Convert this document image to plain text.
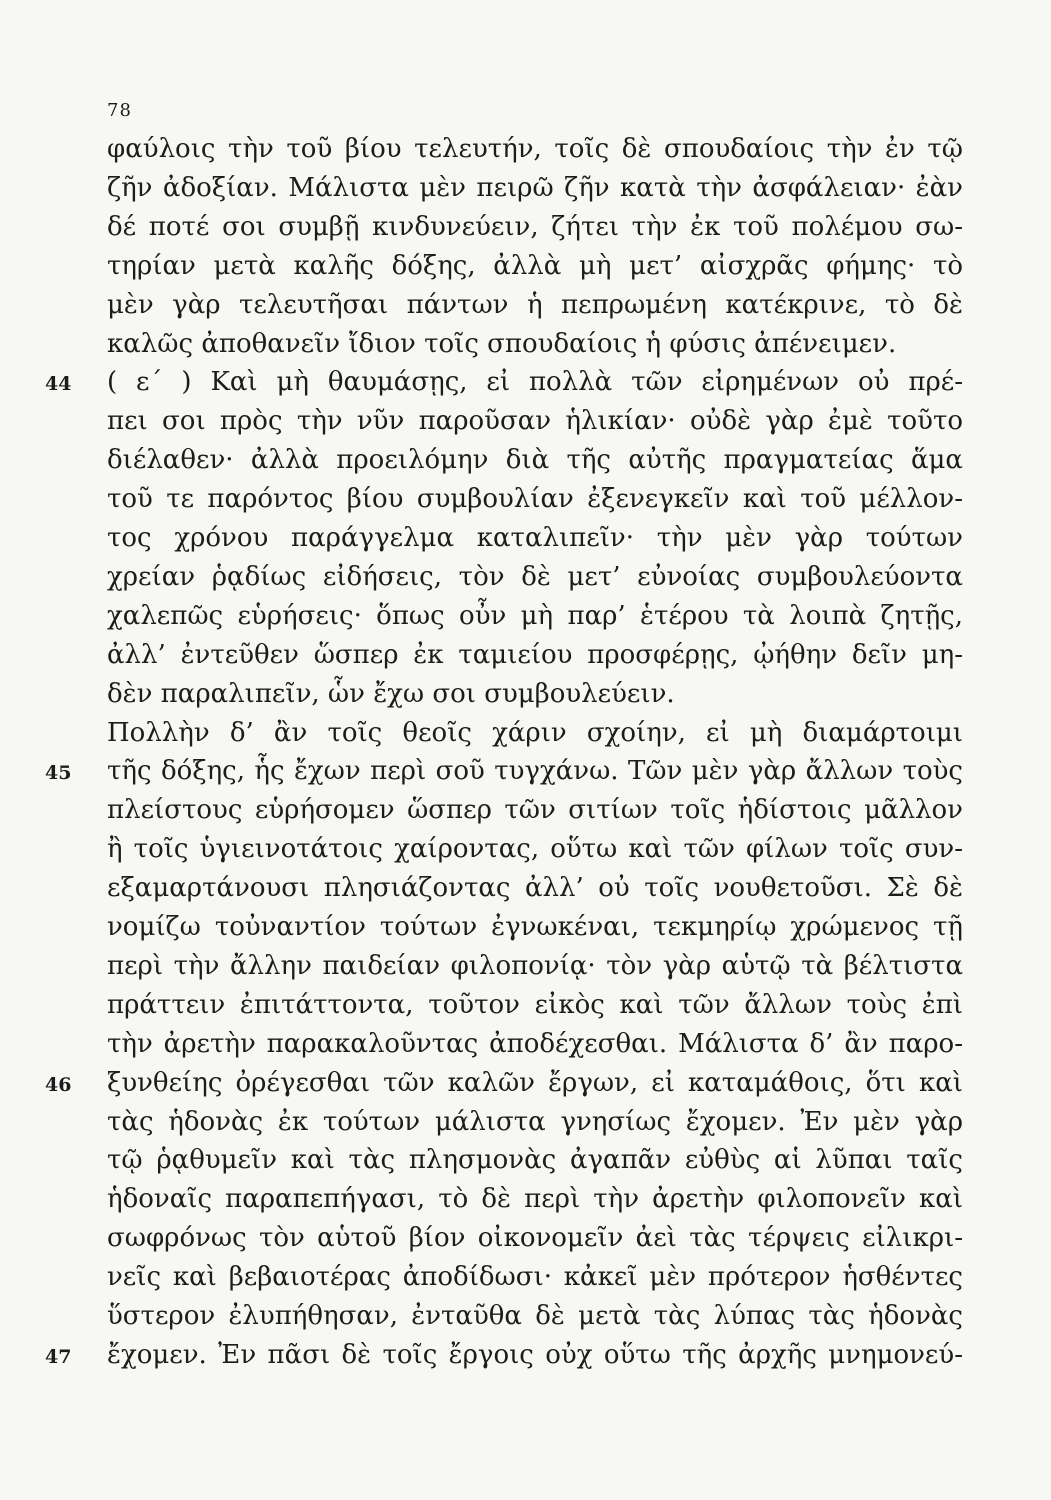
78
φαύλοις τὴν τοῦ βίου τελευτήν, τοῖς δὲ σπουδαίοις τὴν ἐν τῷ
ζῆν ἀδοξίαν. Μάλιστα μὲν πειρῶ ζῆν κατὰ τὴν ἀσφάλειαν· ἐὰν
δέ ποτέ σοι συμβῇ κινδυνεύειν, ζήτει τὴν ἐκ τοῦ πολέμου σω-
τηρίαν μετὰ καλῆς δόξης, ἀλλὰ μὴ μετ’ αἰσχρᾶς φήμης· τὸ
μὲν γὰρ τελευτῆσαι πάντων ἡ πεπρωμένη κατέκρινε, τὸ δὲ
καλῶς ἀποθανεῖν ἴδιον τοῖς σπουδαίοις ἡ φύσις ἀπένειμεν.
( ε΄ ) Καὶ μὴ θαυμάσῃς, εἰ πολλὰ τῶν εἰρημένων οὐ πρέ-
πει σοι πρὸς τὴν νῦν παροῦσαν ἡλικίαν· οὐδὲ γὰρ ἐμὲ τοῦτο
διέλαθεν· ἀλλὰ προειλόμην διὰ τῆς αὐτῆς πραγματείας ἅμα
τοῦ τε παρόντος βίου συμβουλίαν ἐξενεγκεῖν καὶ τοῦ μέλλον-
τος χρόνου παράγγελμα καταλιπεῖν· τὴν μὲν γὰρ τούτων
χρείαν ῥᾳδίως εἰδήσεις, τὸν δὲ μετ’ εὐνοίας συμβουλεύοντα
χαλεπῶς εὑρήσεις· ὅπως οὖν μὴ παρ’ ἑτέρου τὰ λοιπὰ ζητῇς,
ἀλλ’ ἐντεῦθεν ὥσπερ ἐκ ταμιείου προσφέρῃς, ᾠήθην δεῖν μη-
δὲν παραλιπεῖν, ὧν ἔχω σοι συμβουλεύειν.
Πολλὴν δ’ ἂν τοῖς θεοῖς χάριν σχοίην, εἰ μὴ διαμάρτοιμι
τῆς δόξης, ἧς ἔχων περὶ σοῦ τυγχάνω. Τῶν μὲν γὰρ ἄλλων τοὺς
πλείστους εὑρήσομεν ὥσπερ τῶν σιτίων τοῖς ἡδίστοις μᾶλλον
ἢ τοῖς ὑγιεινοτάτοις χαίροντας, οὕτω καὶ τῶν φίλων τοῖς συν-
εξαμαρτάνουσι πλησιάζοντας ἀλλ’ οὐ τοῖς νουθετοῦσι. Σὲ δὲ
νομίζω τοὐναντίον τούτων ἐγνωκέναι, τεκμηρίῳ χρώμενος τῇ
περὶ τὴν ἄλλην παιδείαν φιλοπονίᾳ· τὸν γὰρ αὑτῷ τὰ βέλτιστα
πράττειν ἐπιτάττοντα, τοῦτον εἰκὸς καὶ τῶν ἄλλων τοὺς ἐπὶ
τὴν ἀρετὴν παρακαλοῦντας ἀποδέχεσθαι. Μάλιστα δ’ ἂν παρο-
ξυνθείης ὀρέγεσθαι τῶν καλῶν ἔργων, εἰ καταμάθοις, ὅτι καὶ
τὰς ἡδονὰς ἐκ τούτων μάλιστα γνησίως ἔχομεν. Ἐν μὲν γὰρ
τῷ ῥᾳθυμεῖν καὶ τὰς πλησμονὰς ἀγαπᾶν εὐθὺς αἱ λῦπαι ταῖς
ἡδοναῖς παραπεπήγασι, τὸ δὲ περὶ τὴν ἀρετὴν φιλοπονεῖν καὶ
σωφρόνως τὸν αὑτοῦ βίον οἰκονομεῖν ἀεὶ τὰς τέρψεις εἰλικρι-
νεῖς καὶ βεβαιοτέρας ἀποδίδωσι· κἀκεῖ μὲν πρότερον ἡσθέντες
ὕστερον ἐλυπήθησαν, ἐνταῦθα δὲ μετὰ τὰς λύπας τὰς ἡδονὰς
ἔχομεν. Ἐν πᾶσι δὲ τοῖς ἔργοις οὐχ οὕτω τῆς ἀρχῆς μνημονεύ-
44
45
46
47
